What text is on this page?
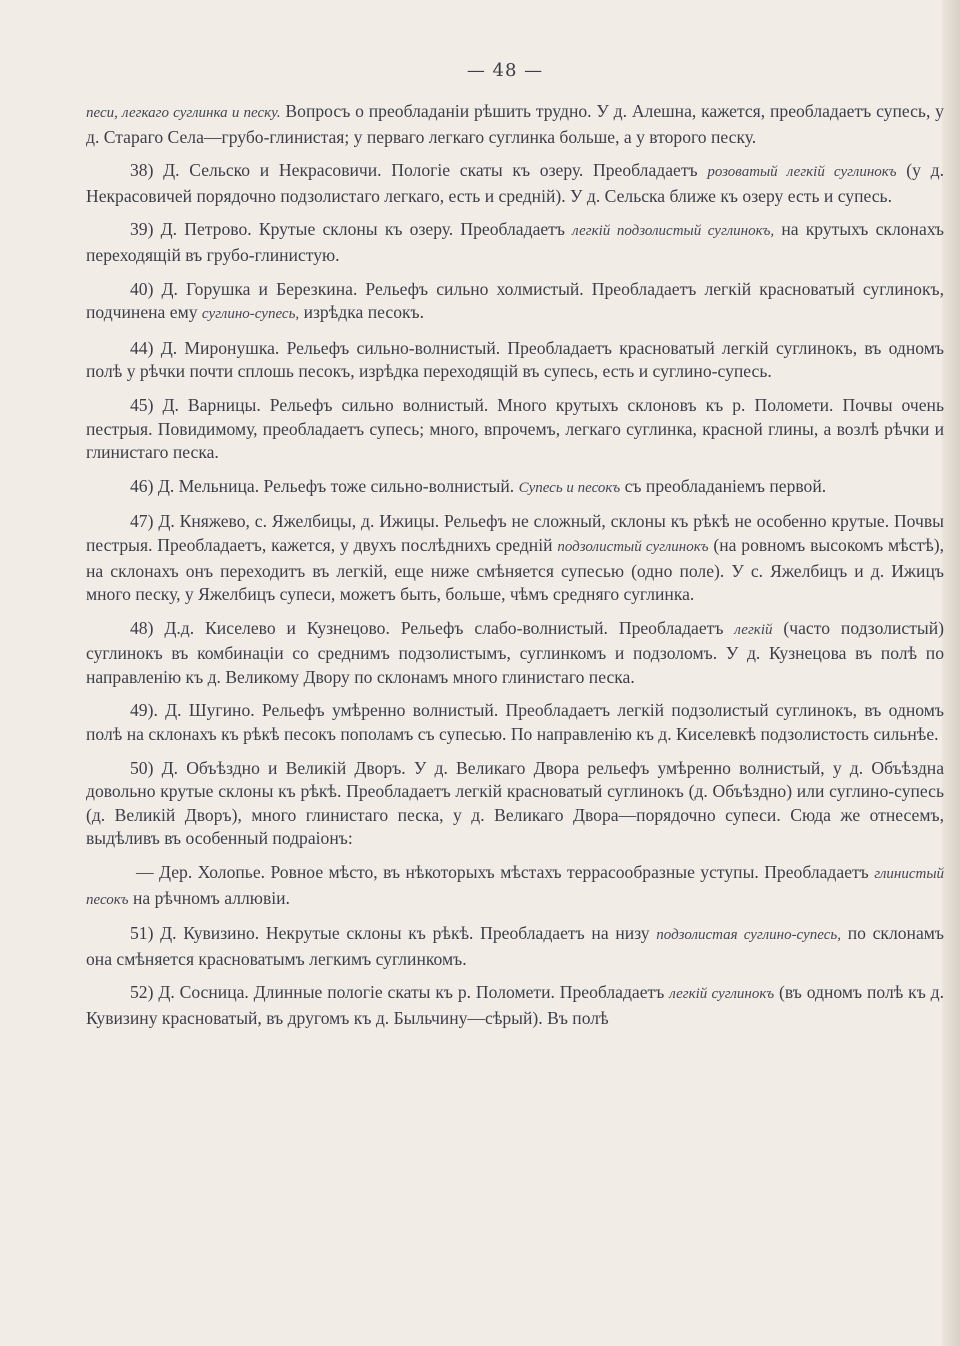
— 48 —

песи, легкаго суглинка и песку. Вопросъ о преобладаніи рѣшить трудно. У д. Алешна, кажется, преобладаетъ супесь, у д. Стараго Села—грубо-глинистая; у перваго легкаго суглинка больше, а у второго песку.

38) Д. Сельско и Некрасовичи. Пологіе скаты къ озеру. Преобладаетъ розоватый легкій суглинокъ (у д. Некрасовичей порядочно подзолистаго легкаго, есть и средній). У д. Сельска ближе къ озеру есть и супесь.

39) Д. Петрово. Крутые склоны къ озеру. Преобладаетъ легкій подзолистый суглинокъ, на крутыхъ склонахъ переходящій въ грубо-глинистую.

40) Д. Горушка и Березкина. Рельефъ сильно холмистый. Преобладаетъ легкій красноватый суглинокъ, подчинена ему суглино-супесь, изрѣдка песокъ.

44) Д. Миронушка. Рельефъ сильно-волнистый. Преобладаетъ красноватый легкій суглинокъ, въ одномъ полѣ у рѣчки почти сплошь песокъ, изрѣдка переходящій въ супесь, есть и суглино-супесь.

45) Д. Варницы. Рельефъ сильно волнистый. Много крутыхъ склоновъ къ р. Поломети. Почвы очень пестрыя. Повидимому, преобладаетъ супесь; много, впрочемъ, легкаго суглинка, красной глины, а возлѣ рѣчки и глинистаго песка.

46) Д. Мельница. Рельефъ тоже сильно-волнистый. Супесь и песокъ съ преобладаніемъ первой.

47) Д. Княжево, с. Яжелбицы, д. Ижицы. Рельефъ не сложный, склоны къ рѣкѣ не особенно крутые. Почвы пестрыя. Преобладаетъ, кажется, у двухъ послѣднихъ средній подзолистый суглинокъ (на ровномъ высокомъ мѣстѣ), на склонахъ онъ переходитъ въ легкій, еще ниже смѣняется супесью (одно поле). У с. Яжелбицъ и д. Ижицъ много песку, у Яжелбицъ супеси, можетъ быть, больше, чѣмъ средняго суглинка.

48) Д.д. Киселево и Кузнецово. Рельефъ слабо-волнистый. Преобладаетъ легкій (часто подзолистый) суглинокъ въ комбинаціи со среднимъ подзолистымъ, суглинкомъ и подзоломъ. У д. Кузнецова въ полѣ по направленію къ д. Великому Двору по склонамъ много глинистаго песка.

49). Д. Шугино. Рельефъ умѣренно волнистый. Преобладаетъ легкій подзолистый суглинокъ, въ одномъ полѣ на склонахъ къ рѣкѣ песокъ пополамъ съ супесью. По направленію къ д. Киселевкѣ подзолистость сильнѣе.

50) Д. Объѣздно и Великій Дворъ. У д. Великаго Двора рельефъ умѣренно волнистый, у д. Объѣздна довольно крутые склоны къ рѣкѣ. Преобладаетъ легкій красноватый суглинокъ (д. Объѣздно) или суглино-супесь (д. Великій Дворъ), много глинистаго песка, у д. Великаго Двора—порядочно супеси. Сюда же отнесемъ, выдѣливъ въ особенный подраіонъ:

— Дер. Холопье. Ровное мѣсто, въ нѣкоторыхъ мѣстахъ террасообразные уступы. Преобладаетъ глинистый песокъ на рѣчномъ аллювіи.

51) Д. Кувизино. Некрутые склоны къ рѣкѣ. Преобладаетъ на низу подзолистая суглино-супесь, по склонамъ она смѣняется красноватымъ легкимъ суглинкомъ.

52) Д. Сосница. Длинные пологіе скаты къ р. Поломети. Преобладаетъ легкій суглинокъ (въ одномъ полѣ къ д. Кувизину красноватый, въ другомъ къ д. Быльчину—сѣрый). Въ полѣ
